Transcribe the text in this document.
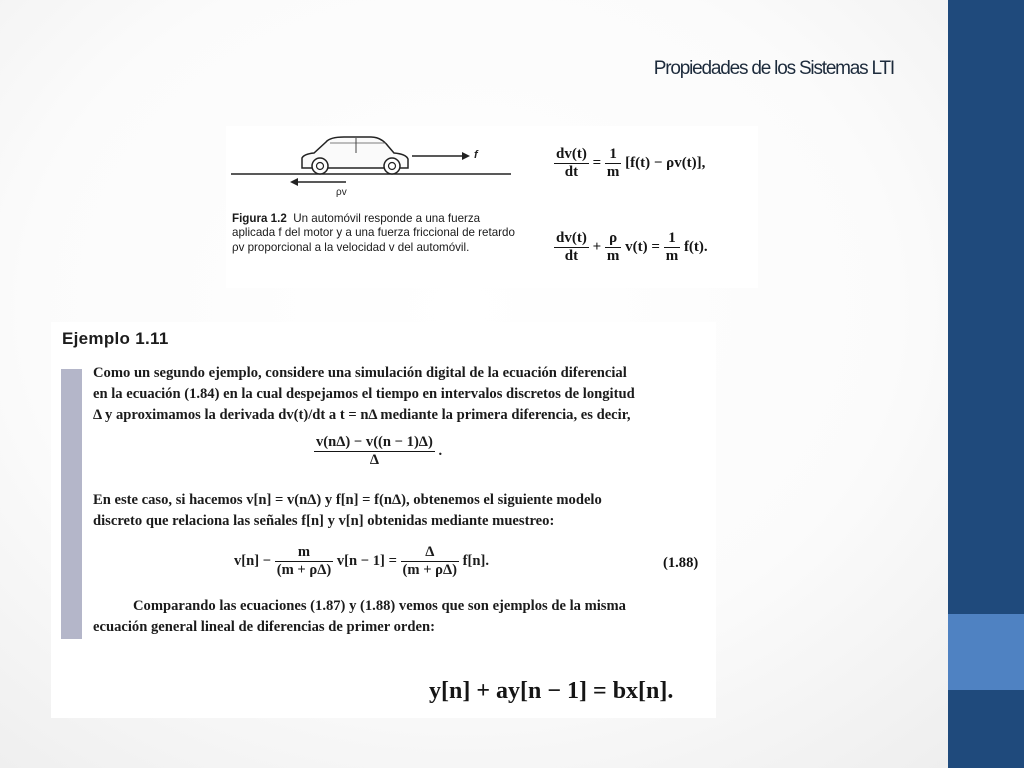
Propiedades de los Sistemas LTI
f
ρv
Figura 1.2 Un automóvil responde a una fuerza aplicada f del motor y a una fuerza friccional de retardo ρv proporcional a la velocidad v del automóvil.
$\frac{dv(t)}{dt} = \frac{1}{m} [f(t) - \rho v(t)]$,
$\frac{dv(t)}{dt} + \frac{\rho}{m} v(t) = \frac{1}{m} f(t)$.
Ejemplo 1.11
Como un segundo ejemplo, considere una simulación digital de la ecuación diferencial
en la ecuación (1.84) en la cual despejamos el tiempo en intervalos discretos de longitud
Δ y aproximamos la derivada dv(t)/dt a t = nΔ mediante la primera diferencia, es decir,
$\frac{v(n\Delta) - v((n - 1)\Delta)}{\Delta}$ .
En este caso, si hacemos v[n] = v(nΔ) y f[n] = f(nΔ), obtenemos el siguiente modelo
discreto que relaciona las señales f[n] y v[n] obtenidas mediante muestreo:
$v[n] - \frac{m}{(m + \rho\Delta)} v[n - 1] = \frac{\Delta}{(m + \rho\Delta)} f[n]$.	(1.88)
Comparando las ecuaciones (1.87) y (1.88) vemos que son ejemplos de la misma
ecuación general lineal de diferencias de primer orden:
y[n] + ay[n − 1] = bx[n].
